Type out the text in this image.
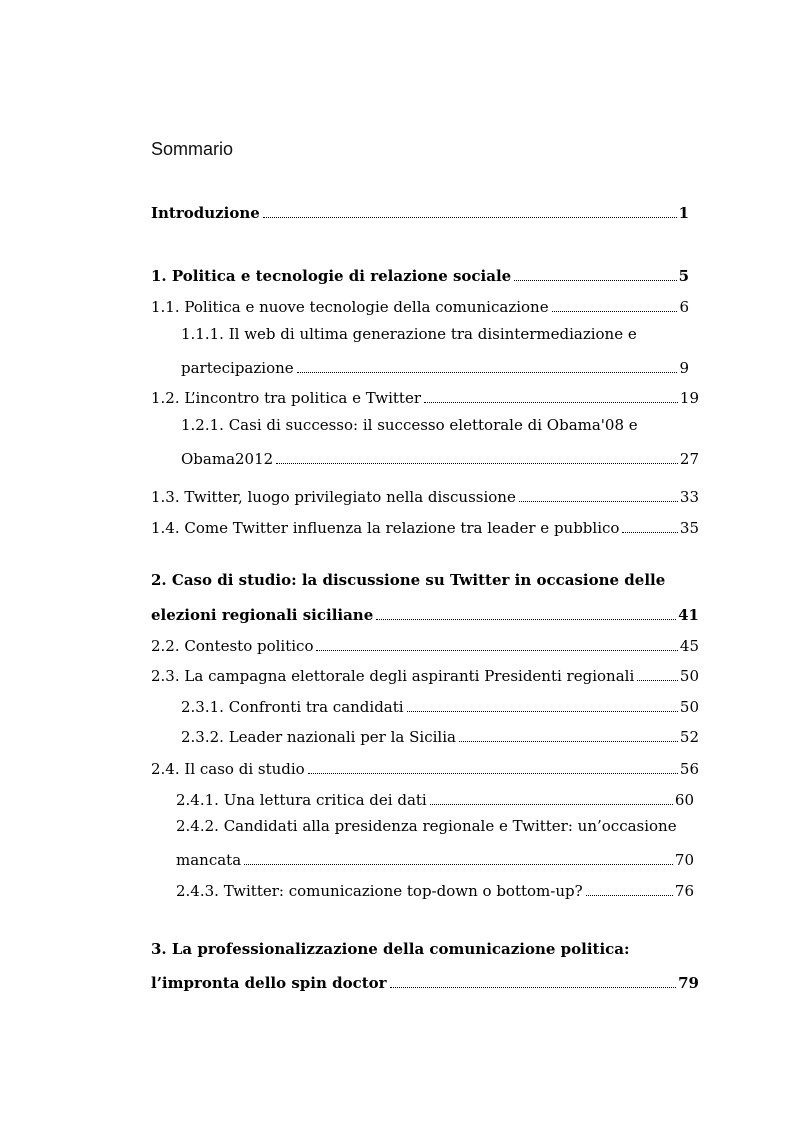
Sommario
Introduzione	1
1. Politica e tecnologie di relazione sociale	5
1.1. Politica e nuove tecnologie della comunicazione	6
1.1.1. Il web di ultima generazione tra disintermediazione e
partecipazione	9
1.2. L’incontro tra politica e Twitter	19
1.2.1. Casi di successo: il successo elettorale di Obama'08 e
Obama2012	27
1.3. Twitter, luogo privilegiato nella discussione	33
1.4. Come Twitter influenza la relazione tra leader e pubblico	35
2. Caso di studio: la discussione su Twitter in occasione delle
elezioni regionali siciliane	41
2.2. Contesto politico	45
2.3. La campagna elettorale degli aspiranti Presidenti regionali	50
2.3.1. Confronti tra candidati	50
2.3.2. Leader nazionali per la Sicilia	52
2.4. Il caso di studio	56
2.4.1. Una lettura critica dei dati	60
2.4.2. Candidati alla presidenza regionale e Twitter: un’occasione
mancata	70
2.4.3. Twitter: comunicazione top-down o bottom-up?	76
3. La professionalizzazione della comunicazione politica:
l’impronta dello spin doctor	79
